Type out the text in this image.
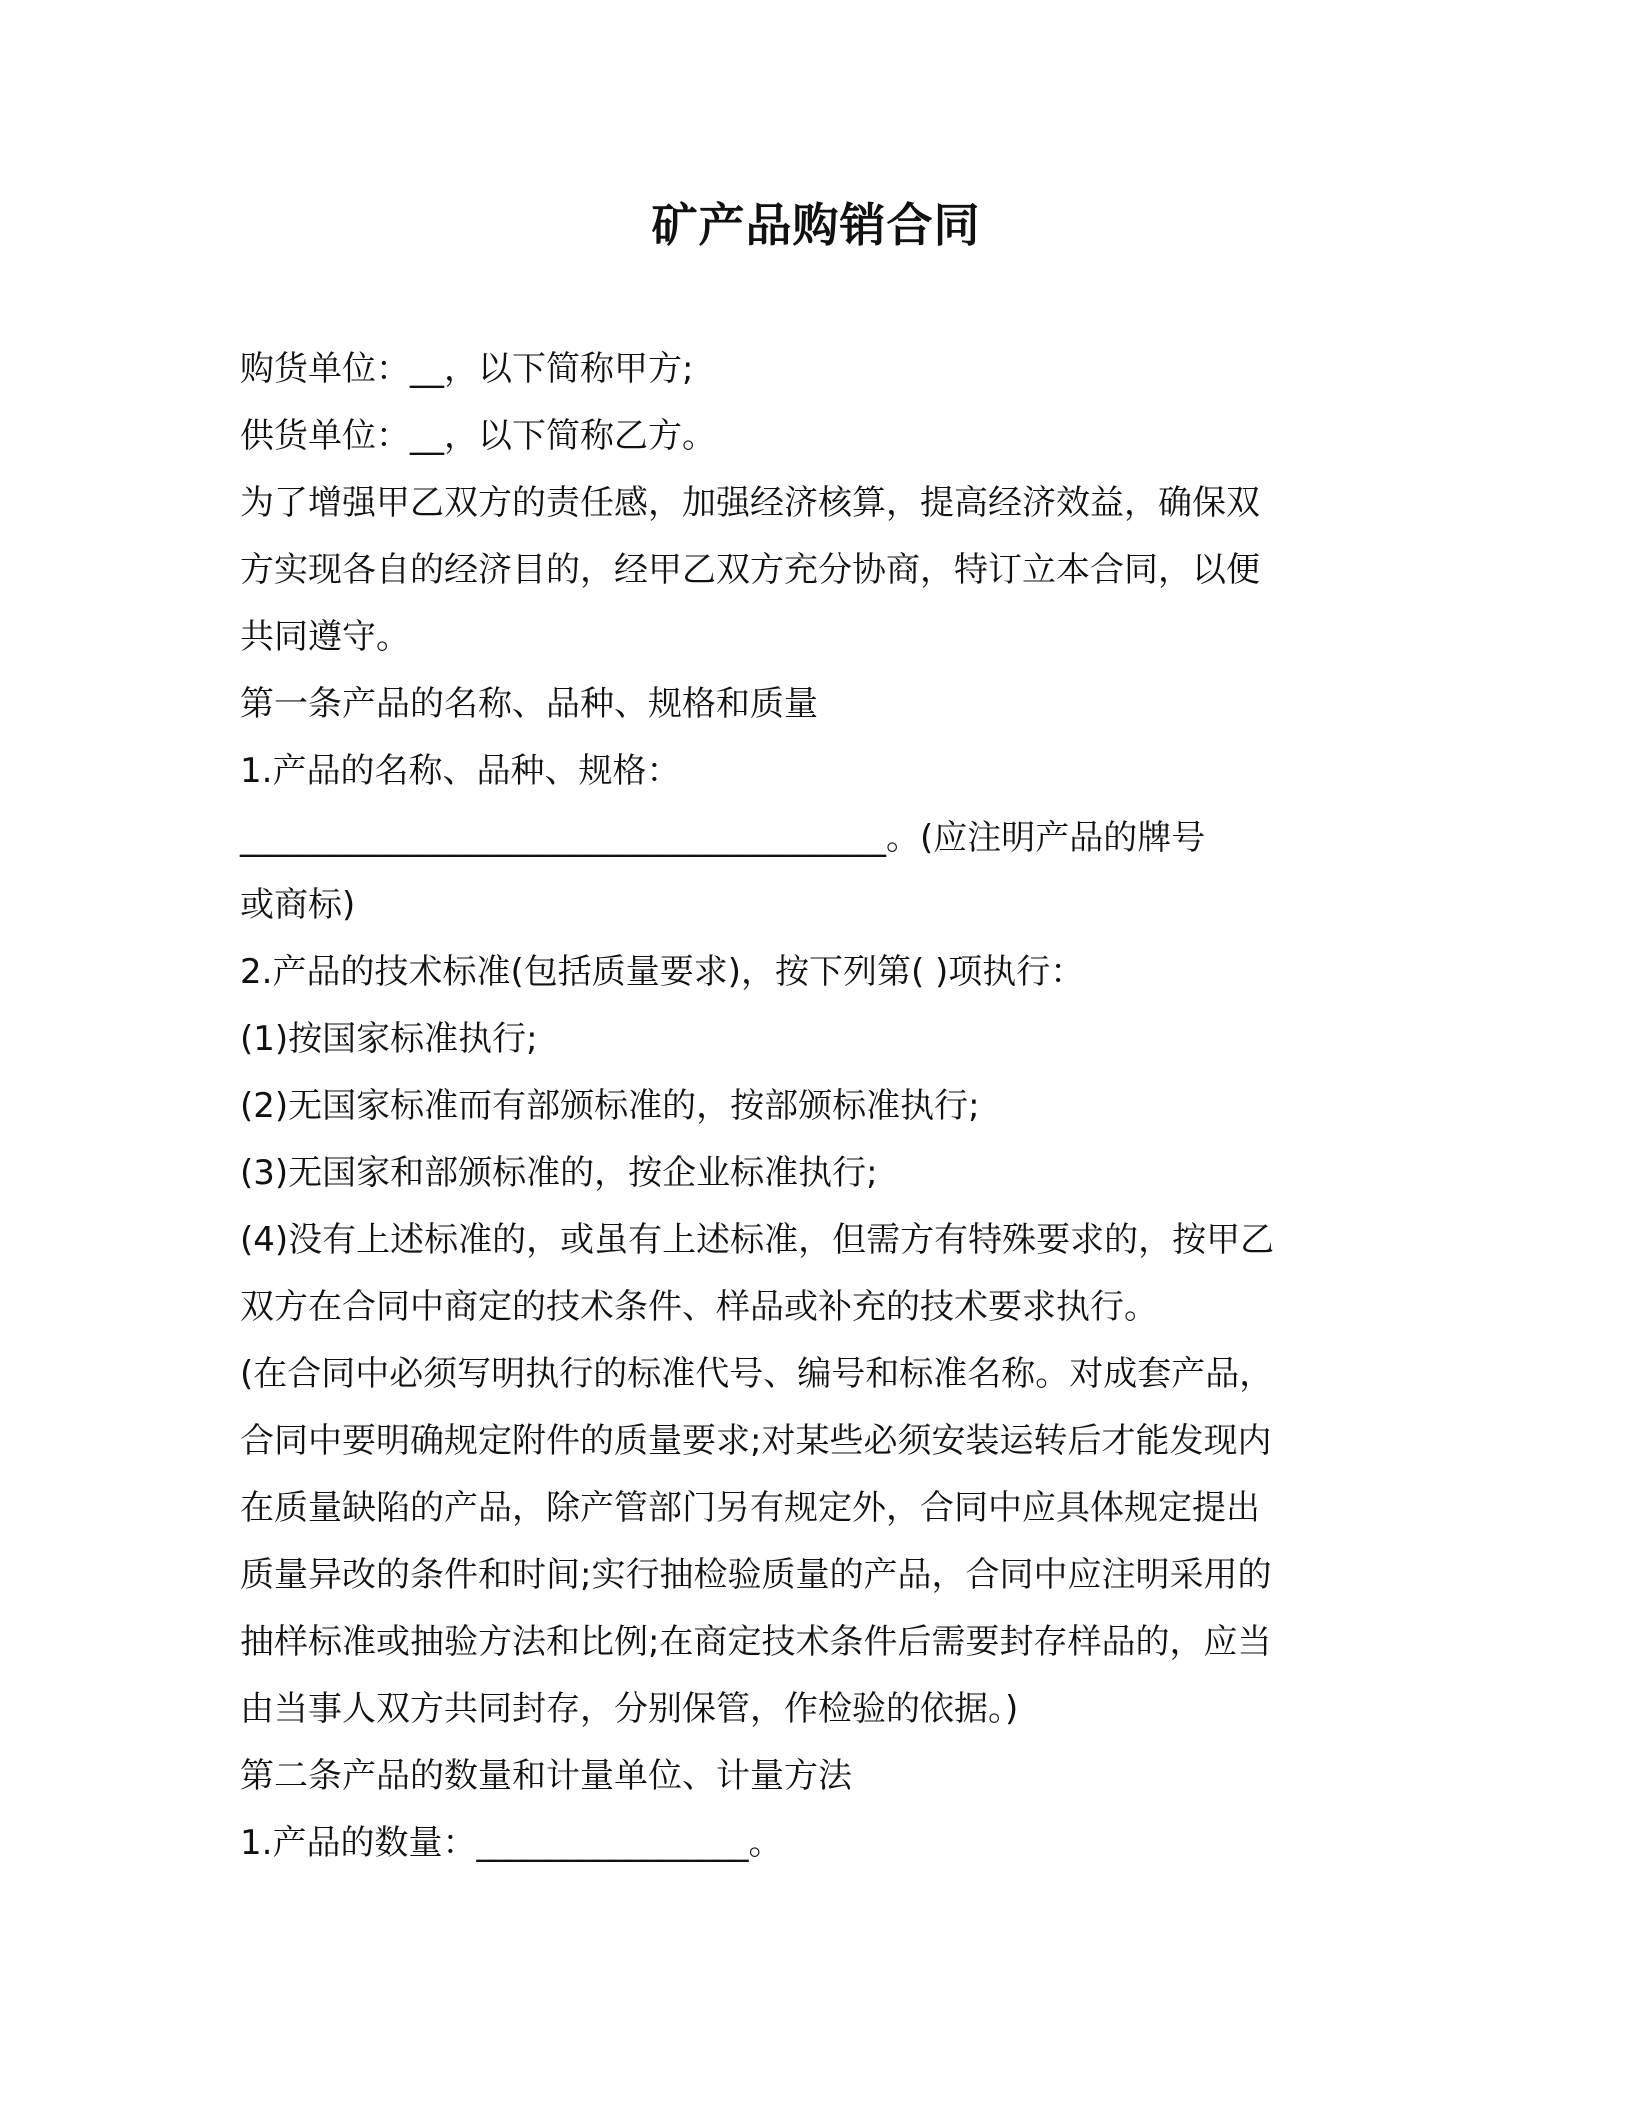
矿产品购销合同
购货单位：__，以下简称甲方;
供货单位：__，以下简称乙方。
为了增强甲乙双方的责任感，加强经济核算，提高经济效益，确保双
方实现各自的经济目的，经甲乙双方充分协商，特订立本合同，以便
共同遵守。
第一条产品的名称、品种、规格和质量
1.产品的名称、品种、规格：
______________________________________。(应注明产品的牌号
或商标)
2.产品的技术标准(包括质量要求)，按下列第( )项执行：
(1)按国家标准执行;
(2)无国家标准而有部颁标准的，按部颁标准执行;
(3)无国家和部颁标准的，按企业标准执行;
(4)没有上述标准的，或虽有上述标准，但需方有特殊要求的，按甲乙
双方在合同中商定的技术条件、样品或补充的技术要求执行。
(在合同中必须写明执行的标准代号、编号和标准名称。对成套产品，
合同中要明确规定附件的质量要求;对某些必须安装运转后才能发现内
在质量缺陷的产品，除产管部门另有规定外，合同中应具体规定提出
质量异改的条件和时间;实行抽检验质量的产品，合同中应注明采用的
抽样标准或抽验方法和比例;在商定技术条件后需要封存样品的，应当
由当事人双方共同封存，分别保管，作检验的依据。)
第二条产品的数量和计量单位、计量方法
1.产品的数量：________________。
